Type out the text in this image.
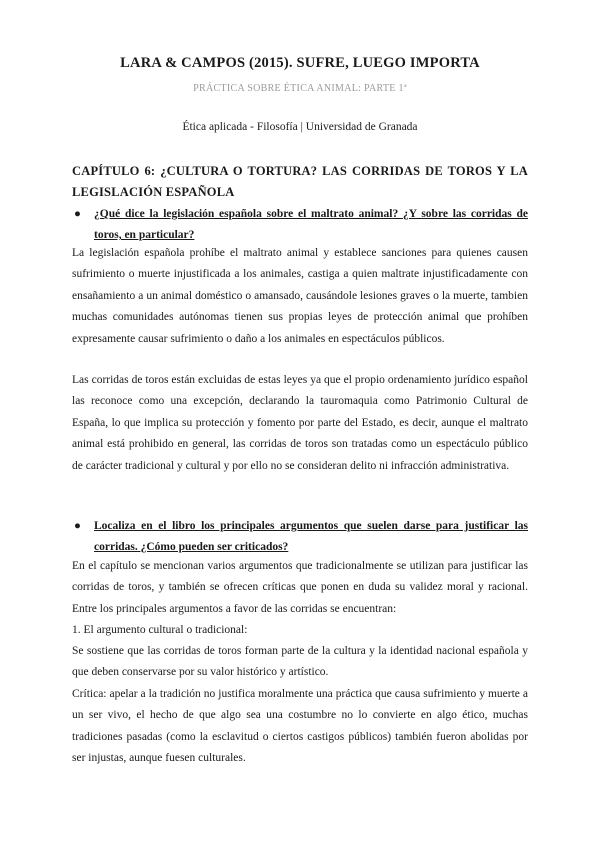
LARA & CAMPOS (2015). SUFRE, LUEGO IMPORTA
PRÁCTICA SOBRE ÉTICA ANIMAL: PARTE 1ª
Ética aplicada - Filosofía | Universidad de Granada
CAPÍTULO 6: ¿CULTURA O TORTURA? LAS CORRIDAS DE TOROS Y LA LEGISLACIÓN ESPAÑOLA
● ¿Qué dice la legislación española sobre el maltrato animal? ¿Y sobre las corridas de toros, en particular?

La legislación española prohíbe el maltrato animal y establece sanciones para quienes causen sufrimiento o muerte injustificada a los animales, castiga a quien maltrate injustificadamente con ensañamiento a un animal doméstico o amansado, causándole lesiones graves o la muerte, tambien muchas comunidades autónomas tienen sus propias leyes de protección animal que prohíben expresamente causar sufrimiento o daño a los animales en espectáculos públicos.

Las corridas de toros están excluidas de estas leyes ya que el propio ordenamiento jurídico español las reconoce como una excepción, declarando la tauromaquia como Patrimonio Cultural de España, lo que implica su protección y fomento por parte del Estado, es decir, aunque el maltrato animal está prohibido en general, las corridas de toros son tratadas como un espectáculo público de carácter tradicional y cultural y por ello no se consideran delito ni infracción administrativa.

● Localiza en el libro los principales argumentos que suelen darse para justificar las corridas. ¿Cómo pueden ser criticados?

En el capítulo se mencionan varios argumentos que tradicionalmente se utilizan para justificar las corridas de toros, y también se ofrecen críticas que ponen en duda su validez moral y racional. Entre los principales argumentos a favor de las corridas se encuentran:

1. El argumento cultural o tradicional:

Se sostiene que las corridas de toros forman parte de la cultura y la identidad nacional española y que deben conservarse por su valor histórico y artístico.

Crítica: apelar a la tradición no justifica moralmente una práctica que causa sufrimiento y muerte a un ser vivo, el hecho de que algo sea una costumbre no lo convierte en algo ético, muchas tradiciones pasadas (como la esclavitud o ciertos castigos públicos) también fueron abolidas por ser injustas, aunque fuesen culturales.
